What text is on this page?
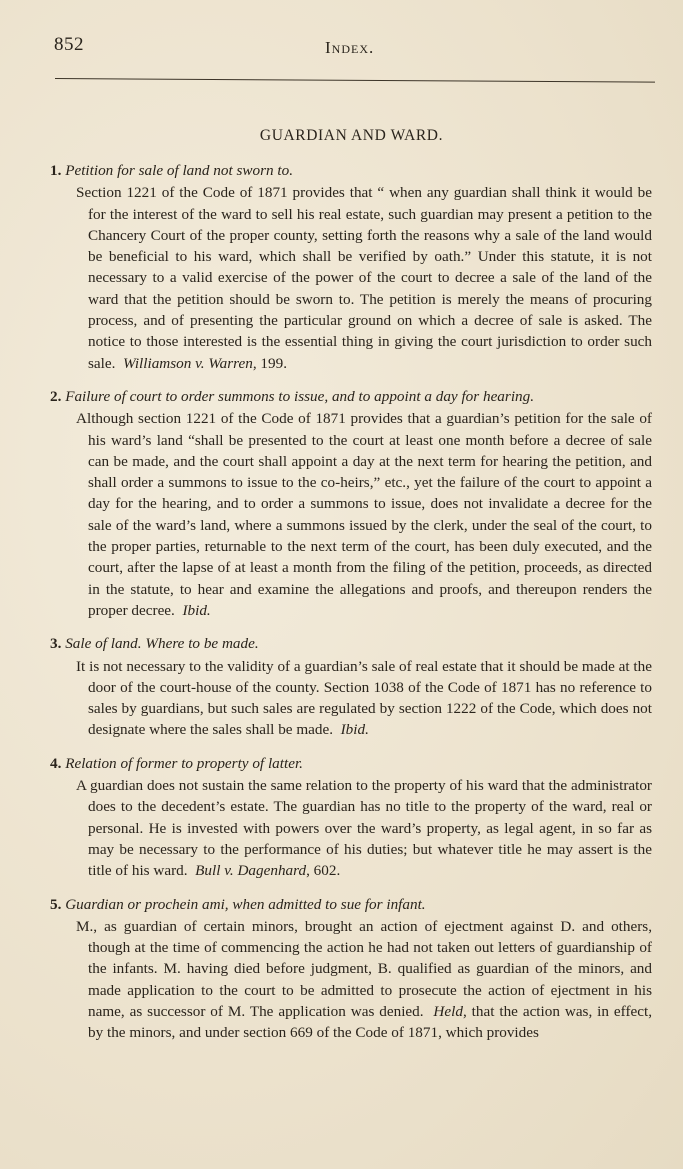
852	Index.
GUARDIAN AND WARD.
1. Petition for sale of land not sworn to.
Section 1221 of the Code of 1871 provides that “ when any guardian shall think it would be for the interest of the ward to sell his real estate, such guardian may present a petition to the Chancery Court of the proper county, setting forth the reasons why a sale of the land would be beneficial to his ward, which shall be verified by oath.” Under this statute, it is not necessary to a valid exercise of the power of the court to decree a sale of the land of the ward that the petition should be sworn to. The petition is merely the means of procuring process, and of presenting the particular ground on which a decree of sale is asked. The notice to those interested is the essential thing in giving the court jurisdiction to order such sale. Williamson v. Warren, 199.
2. Failure of court to order summons to issue, and to appoint a day for hearing.
Although section 1221 of the Code of 1871 provides that a guardian’s petition for the sale of his ward’s land “shall be presented to the court at least one month before a decree of sale can be made, and the court shall appoint a day at the next term for hearing the petition, and shall order a summons to issue to the co-heirs,” etc., yet the failure of the court to appoint a day for the hearing, and to order a summons to issue, does not invalidate a decree for the sale of the ward’s land, where a summons issued by the clerk, under the seal of the court, to the proper parties, returnable to the next term of the court, has been duly executed, and the court, after the lapse of at least a month from the filing of the petition, proceeds, as directed in the statute, to hear and examine the allegations and proofs, and thereupon renders the proper decree. Ibid.
3. Sale of land. Where to be made.
It is not necessary to the validity of a guardian’s sale of real estate that it should be made at the door of the court-house of the county. Section 1038 of the Code of 1871 has no reference to sales by guardians, but such sales are regulated by section 1222 of the Code, which does not designate where the sales shall be made. Ibid.
4. Relation of former to property of latter.
A guardian does not sustain the same relation to the property of his ward that the administrator does to the decedent’s estate. The guardian has no title to the property of the ward, real or personal. He is invested with powers over the ward’s property, as legal agent, in so far as may be necessary to the performance of his duties; but whatever title he may assert is the title of his ward. Bull v. Dagenhard, 602.
5. Guardian or prochein ami, when admitted to sue for infant.
M., as guardian of certain minors, brought an action of ejectment against D. and others, though at the time of commencing the action he had not taken out letters of guardianship of the infants. M. having died before judgment, B. qualified as guardian of the minors, and made application to the court to be admitted to prosecute the action of ejectment in his name, as successor of M. The application was denied. Held, that the action was, in effect, by the minors, and under section 669 of the Code of 1871, which provides
